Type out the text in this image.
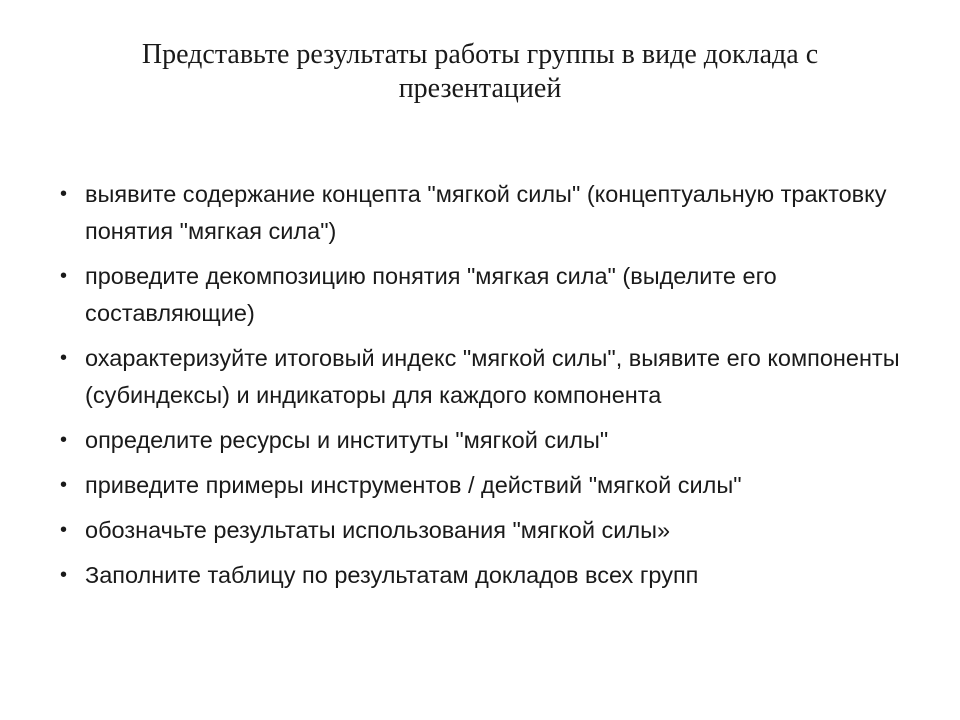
Представьте результаты работы группы в виде доклада с презентацией
• выявите содержание концепта "мягкой силы" (концептуальную трактовку понятия "мягкая сила")
• проведите декомпозицию понятия "мягкая сила" (выделите его составляющие)
• охарактеризуйте итоговый индекс "мягкой силы", выявите его компоненты (субиндексы) и индикаторы для каждого компонента
• определите ресурсы и институты "мягкой силы"
• приведите примеры инструментов / действий "мягкой силы"
• обозначьте результаты использования "мягкой силы»
• Заполните таблицу по результатам докладов всех групп
